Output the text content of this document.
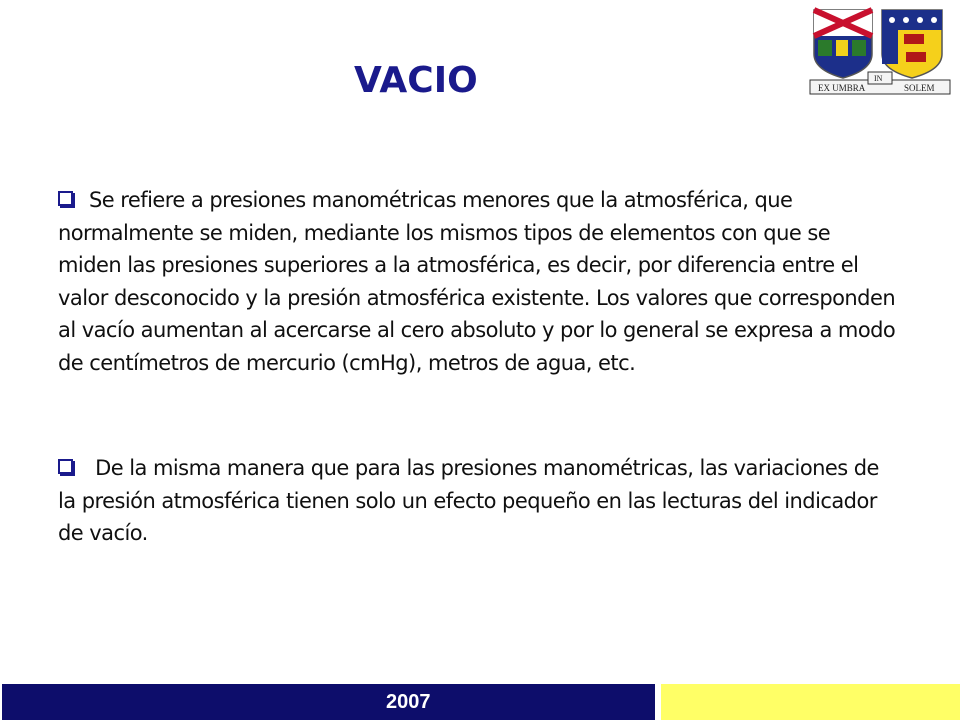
VACIO	EX UMBRA
IN
SOLEM
Se refiere a presiones manométricas menores que la atmosférica, que normalmente se miden, mediante los mismos tipos de elementos con que se miden las presiones superiores a la atmosférica, es decir, por diferencia entre el valor desconocido y la presión atmosférica existente. Los valores que corresponden al vacío aumentan al acercarse al cero absoluto y por lo general se expresa a modo de centímetros de mercurio (cmHg), metros de agua, etc.
De la misma manera que para las presiones manométricas, las variaciones de la presión atmosférica tienen solo un efecto pequeño en las lecturas del indicador de vacío.
2007
